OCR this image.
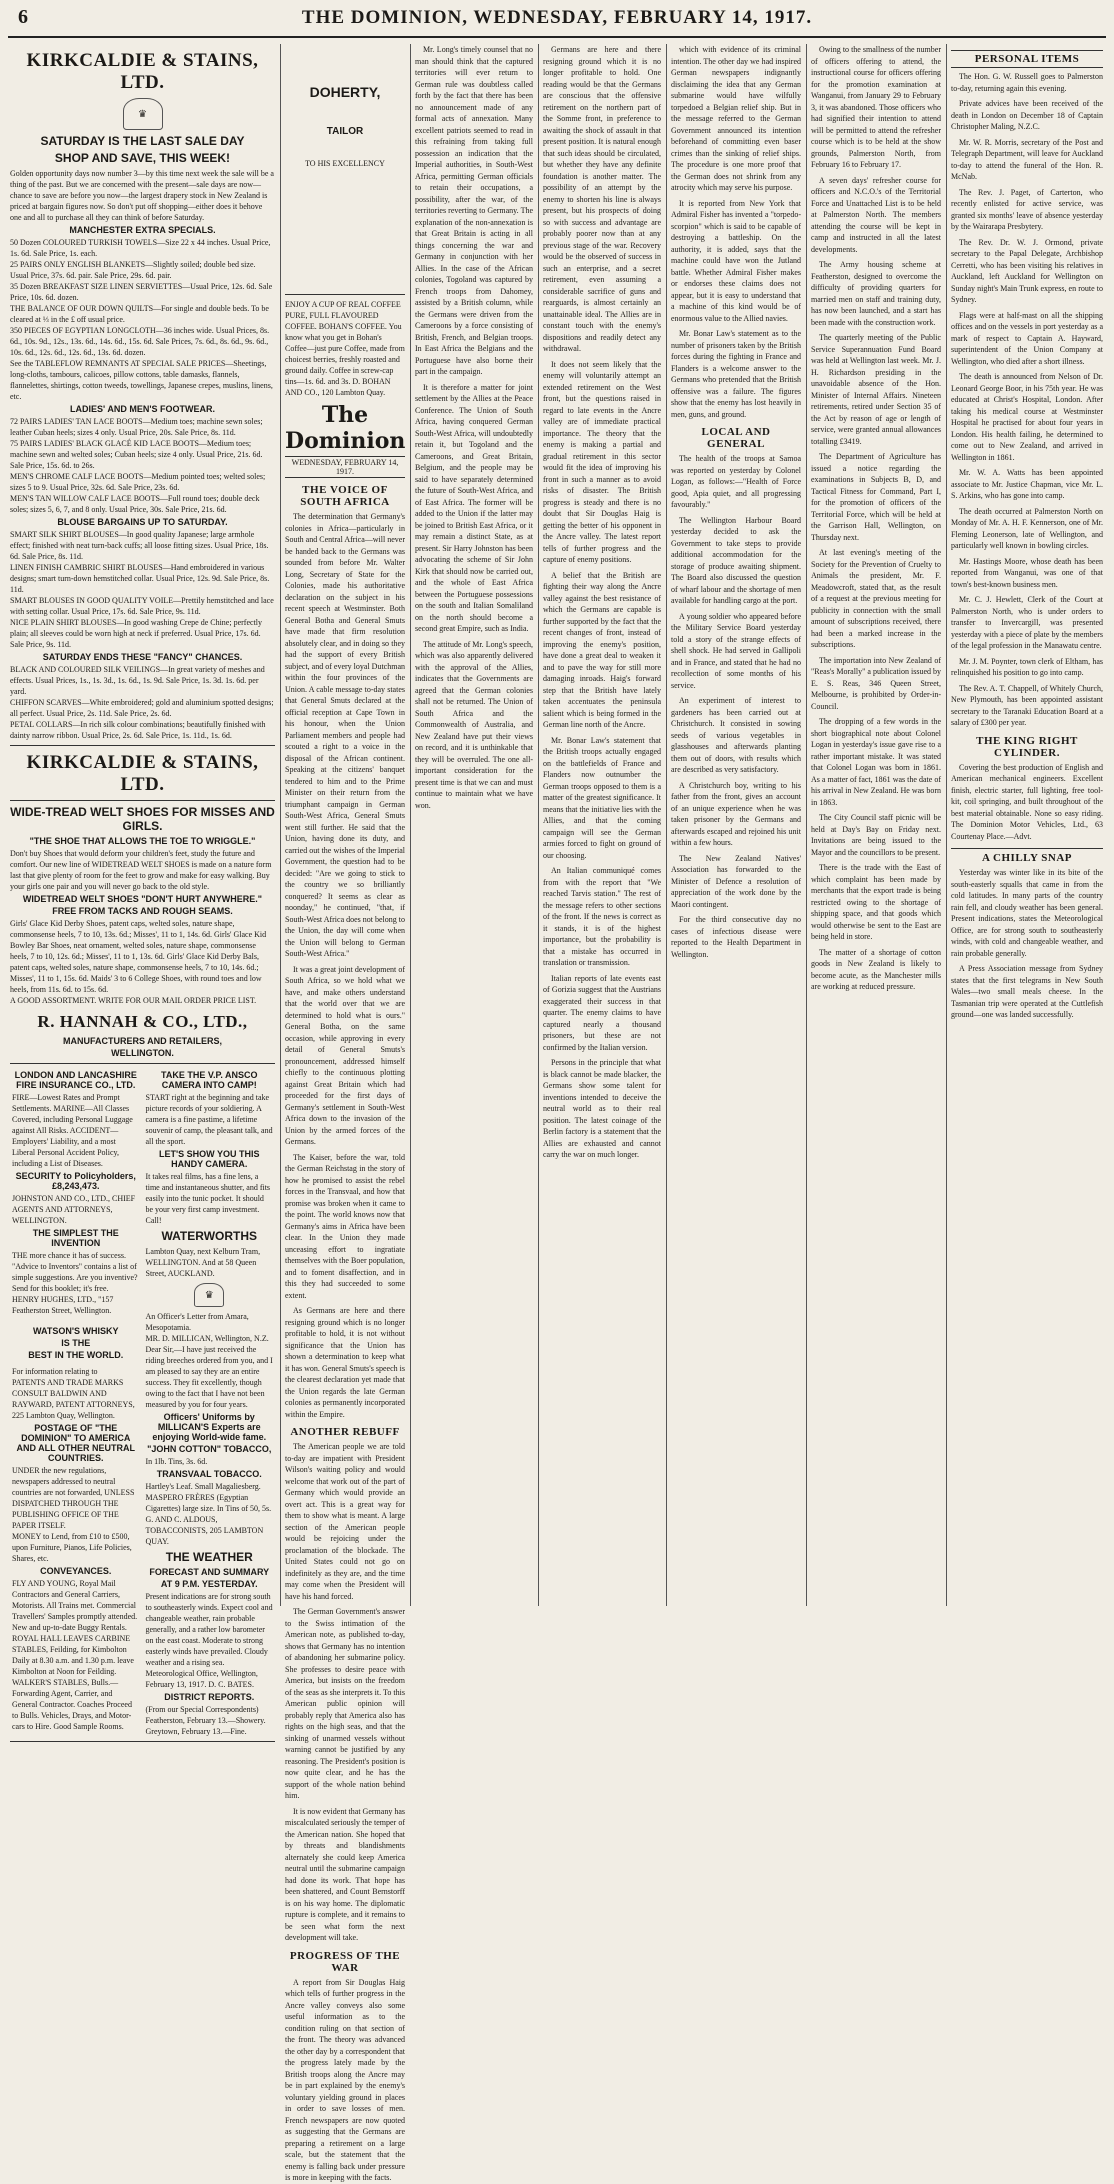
6	THE DOMINION, WEDNESDAY, FEBRUARY 14, 1917.
KIRKCALDIE & STAINS, LTD.
♛
SATURDAY IS THE LAST SALE DAY
SHOP AND SAVE, THIS WEEK!

Golden opportunity days now number 3—by this time next week the sale will be a thing of the past. But we are concerned with the present—sale days are now—chance to save are before you now—the largest drapery stock in New Zealand is priced at bargain figures now. So don't put off shopping—either does it behove one and all to purchase all they can think of before Saturday.

MANCHESTER EXTRA SPECIALS.

50 Dozen COLOURED TURKISH TOWELS—Size 22 x 44 inches. Usual Price, 1s. 6d. Sale Price, 1s. each.

25 PAIRS ONLY ENGLISH BLANKETS—Slightly soiled; double bed size. Usual Price, 37s. 6d. pair. Sale Price, 29s. 6d. pair.

35 Dozen BREAKFAST SIZE LINEN SERVIETTES—Usual Price, 12s. 6d. Sale Price, 10s. 6d. dozen.

THE BALANCE OF OUR DOWN QUILTS—For single and double beds. To be cleared at ⅓ in the £ off usual price.

350 PIECES OF EGYPTIAN LONGCLOTH—36 inches wide. Usual Prices, 8s. 6d., 10s. 9d., 12s., 13s. 6d., 14s. 6d., 15s. 6d. Sale Prices, 7s. 6d., 8s. 6d., 9s. 6d., 10s. 6d., 12s. 6d., 12s. 6d., 13s. 6d. dozen.

See the TABLEFLOW REMNANTS AT SPECIAL SALE PRICES—Sheetings, long-cloths, tambours, calicoes, pillow cottons, table damasks, flannels, flannelettes, shirtings, cotton tweeds, towellings, Japanese crepes, muslins, linens, etc.

LADIES' AND MEN'S FOOTWEAR.

72 PAIRS LADIES' TAN LACE BOOTS—Medium toes; machine sewn soles; leather Cuban heels; sizes 4 only. Usual Price, 20s. Sale Price, 8s. 11d.

75 PAIRS LADIES' BLACK GLACÉ KID LACE BOOTS—Medium toes; machine sewn and welted soles; Cuban heels; size 4 only. Usual Price, 21s. 6d. Sale Price, 15s. 6d. to 26s.

MEN'S CHROME CALF LACE BOOTS—Medium pointed toes; welted soles; sizes 5 to 9. Usual Price, 32s. 6d. Sale Price, 23s. 6d.

MEN'S TAN WILLOW CALF LACE BOOTS—Full round toes; double deck soles; sizes 5, 6, 7, and 8 only. Usual Price, 30s. Sale Price, 21s. 6d.

BLOUSE BARGAINS UP TO SATURDAY.

SMART SILK SHIRT BLOUSES—In good quality Japanese; large armhole effect; finished with neat turn-back cuffs; all loose fitting sizes. Usual Price, 18s. 6d. Sale Price, 8s. 11d.

LINEN FINISH CAMBRIC SHIRT BLOUSES—Hand embroidered in various designs; smart turn-down hemstitched collar. Usual Price, 12s. 9d. Sale Price, 8s. 11d.

SMART BLOUSES IN GOOD QUALITY VOILE—Prettily hemstitched and lace with setting collar. Usual Price, 17s. 6d. Sale Price, 9s. 11d.

NICE PLAIN SHIRT BLOUSES—In good washing Crepe de Chine; perfectly plain; all sleeves could be worn high at neck if preferred. Usual Price, 17s. 6d. Sale Price, 9s. 11d.

SATURDAY ENDS THESE "FANCY" CHANCES.

BLACK AND COLOURED SILK VEILINGS—In great variety of meshes and effects. Usual Prices, 1s., 1s. 3d., 1s. 6d., 1s. 9d. Sale Price, 1s. 3d. 1s. 6d. per yard.

CHIFFON SCARVES—White embroidered; gold and aluminium spotted designs; all perfect. Usual Price, 2s. 11d. Sale Price, 2s. 6d.

PETAL COLLARS—In rich silk colour combinations; beautifully finished with dainty narrow ribbon. Usual Price, 2s. 6d. Sale Price, 1s. 11d., 1s. 6d.

KIRKCALDIE & STAINS, LTD.
WIDE-TREAD WELT SHOES FOR MISSES AND GIRLS.
"THE SHOE THAT ALLOWS THE TOE TO WRIGGLE."

Don't buy Shoes that would deform your children's feet, study the future and comfort. Our new line of WIDETREAD WELT SHOES is made on a nature form last that give plenty of room for the feet to grow and make for easy walking. Buy your girls one pair and you will never go back to the old style.

WIDETREAD WELT SHOES "DON'T HURT ANYWHERE."
FREE FROM TACKS AND ROUGH SEAMS.

Girls' Glace Kid Derby Shoes, patent caps, welted soles, nature shape, commonsense heels, 7 to 10, 13s. 6d.; Misses', 11 to 1, 14s. 6d. Girls' Glace Kid Bowley Bar Shoes, neat ornament, welted soles, nature shape, commonsense heels, 7 to 10, 12s. 6d.; Misses', 11 to 1, 13s. 6d. Girls' Glace Kid Derby Bals, patent caps, welted soles, nature shape, commonsense heels, 7 to 10, 14s. 6d.; Misses', 11 to 1, 15s. 6d. Maids' 3 to 6 College Shoes, with round toes and low heels, from 11s. 6d. to 15s. 6d.

A GOOD ASSORTMENT. WRITE FOR OUR MAIL ORDER PRICE LIST.

R. HANNAH & CO., LTD.,
MANUFACTURERS AND RETAILERS,
WELLINGTON.
LONDON AND LANCASHIRE FIRE INSURANCE CO., LTD.

FIRE—Lowest Rates and Prompt Settlements. MARINE—All Classes Covered, including Personal Luggage against All Risks. ACCIDENT—Employers' Liability, and a most Liberal Personal Accident Policy, including a List of Diseases.

SECURITY to Policyholders, £8,243,473.

JOHNSTON AND CO., LTD., CHIEF AGENTS AND ATTORNEYS, WELLINGTON.

THE SIMPLEST THE INVENTION

THE more chance it has of success. "Advice to Inventors" contains a list of simple suggestions. Are you inventive? Send for this booklet; it's free.

HENRY HUGHES, LTD., "157 Featherston Street, Wellington.

WATSON'S WHISKY
IS THE
BEST IN THE WORLD.

For information relating to

PATENTS AND TRADE MARKS CONSULT BALDWIN AND RAYWARD, PATENT ATTORNEYS, 225 Lambton Quay, Wellington.

POSTAGE OF "THE DOMINION" TO AMERICA AND ALL OTHER NEUTRAL COUNTRIES.

UNDER the new regulations, newspapers addressed to neutral countries are not forwarded, UNLESS DISPATCHED THROUGH THE PUBLISHING OFFICE OF THE PAPER ITSELF.

MONEY to Lend, from £10 to £500, upon Furniture, Pianos, Life Policies, Shares, etc.

CONVEYANCES.

FLY AND YOUNG, Royal Mail Contractors and General Carriers, Motorists. All Trains met. Commercial Travellers' Samples promptly attended. New and up-to-date Buggy Rentals.

ROYAL HALL LEAVES CARBINE STABLES, Feilding, for Kimbolton Daily at 8.30 a.m. and 1.30 p.m. leave Kimbolton at Noon for Feilding.

WALKER'S STABLES, Bulls.—Forwarding Agent, Carrier, and General Contractor. Coaches Proceed to Bulls. Vehicles, Drays, and Motor-cars to Hire. Good Sample Rooms.

TAKE THE V.P. ANSCO CAMERA INTO CAMP!

START right at the beginning and take picture records of your soldiering. A camera is a fine pastime, a lifetime souvenir of camp, the pleasant talk, and all the sport.

LET'S SHOW YOU THIS HANDY CAMERA.

It takes real films, has a fine lens, a time and instantaneous shutter, and fits easily into the tunic pocket. It should be your very first camp investment. Call!

WATERWORTHS

Lambton Quay, next Kelburn Tram, WELLINGTON. And at 58 Queen Street, AUCKLAND.

♛

An Officer's Letter from Amara, Mesopotamia.

MR. D. MILLICAN, Wellington, N.Z.

Dear Sir,—I have just received the riding breeches ordered from you, and I am pleased to say they are an entire success. They fit excellently, though owing to the fact that I have not been measured by you for four years.

Officers' Uniforms by MILLICAN'S Experts are enjoying World-wide fame.
"JOHN COTTON" TOBACCO,

In 1lb. Tins, 3s. 6d.

TRANSVAAL TOBACCO.

Hartley's Leaf. Small Magaliesberg.

MASPERO FRÈRES (Egyptian Cigarettes) large size. In Tins of 50, 5s.

G. AND C. ALDOUS, TOBACCONISTS, 205 LAMBTON QUAY.

THE WEATHER
FORECAST AND SUMMARY
AT 9 P.M. YESTERDAY.

Present indications are for strong south to southeasterly winds. Expect cool and changeable weather, rain probable generally, and a rather low barometer on the east coast. Moderate to strong easterly winds have prevailed. Cloudy weather and a rising sea.

Meteorological Office, Wellington, February 13, 1917. D. C. BATES.

DISTRICT REPORTS.

(From our Special Correspondents) Featherston, February 13.—Showery. Greytown, February 13.—Fine.

DOHERTY,
TAILOR
TO HIS EXCELLENCY

ENJOY A CUP OF REAL COFFEE PURE, FULL FLAVOURED COFFEE. BOHAN'S COFFEE. You know what you get in Bohan's Coffee—just pure Coffee, made from choicest berries, freshly roasted and ground daily. Coffee in screw-cap tins—1s. 6d. and 3s. D. BOHAN AND CO., 120 Lambton Quay.

The Dominion
WEDNESDAY, FEBRUARY 14, 1917.
THE VOICE OF SOUTH AFRICA

The determination that Germany's colonies in Africa—particularly in South and Central Africa—will never be handed back to the Germans was sounded from before Mr. Walter Long, Secretary of State for the Colonies, made his authoritative declaration on the subject in his recent speech at Westminster. Both General Botha and General Smuts have made that firm resolution absolutely clear, and in doing so they had the support of every British subject, and of every loyal Dutchman within the four provinces of the Union. A cable message to-day states that General Smuts declared at the official reception at Cape Town in his honour, when the Union Parliament members and people had scouted a right to a voice in the disposal of the African continent. Speaking at the citizens' banquet tendered to him and to the Prime Minister on their return from the triumphant campaign in German South-West Africa, General Smuts went still further. He said that the Union, having done its duty, and carried out the wishes of the Imperial Government, the question had to be decided: "Are we going to stick to the country we so brilliantly conquered? It seems as clear as noonday," he continued, "that, if South-West Africa does not belong to the Union, the day will come when the Union will belong to German South-West Africa."

It was a great joint development of South Africa, so we hold what we have, and make others understand that the world over that we are determined to hold what is ours." General Botha, on the same occasion, while approving in every detail of General Smuts's pronouncement, addressed himself chiefly to the continuous plotting against Great Britain which had proceeded for the first days of Germany's settlement in South-West Africa down to the invasion of the Union by the armed forces of the Germans.

The Kaiser, before the war, told the German Reichstag in the story of how he promised to assist the rebel forces in the Transvaal, and how that promise was broken when it came to the point. The world knows now that Germany's aims in Africa have been clear. In the Union they made unceasing effort to ingratiate themselves with the Boer population, and to foment disaffection, and in this they had succeeded to some extent.

As Germans are here and there resigning ground which is no longer profitable to hold, it is not without significance that the Union has shown a determination to keep what it has won. General Smuts's speech is the clearest declaration yet made that the Union regards the late German colonies as permanently incorporated within the Empire.

ANOTHER REBUFF

The American people we are told to-day are impatient with President Wilson's waiting policy and would welcome that work out of the part of Germany which would provide an overt act. This is a great way for them to show what is meant. A large section of the American people would be rejoicing under the proclamation of the blockade. The United States could not go on indefinitely as they are, and the time may come when the President will have his hand forced.

The German Government's answer to the Swiss intimation of the American note, as published to-day, shows that Germany has no intention of abandoning her submarine policy. She professes to desire peace with America, but insists on the freedom of the seas as she interprets it. To this American public opinion will probably reply that America also has rights on the high seas, and that the sinking of unarmed vessels without warning cannot be justified by any reasoning. The President's position is now quite clear, and he has the support of the whole nation behind him.

It is now evident that Germany has miscalculated seriously the temper of the American nation. She hoped that by threats and blandishments alternately she could keep America neutral until the submarine campaign had done its work. That hope has been shattered, and Count Bernstorff is on his way home. The diplomatic rupture is complete, and it remains to be seen what form the next development will take.

PROGRESS OF THE WAR

A report from Sir Douglas Haig which tells of further progress in the Ancre valley conveys also some useful information as to the condition ruling on that section of the front. The theory was advanced the other day by a correspondent that the progress lately made by the British troops along the Ancre may be in part explained by the enemy's voluntary yielding ground in places in order to save losses of men. French newspapers are now quoted as suggesting that the Germans are preparing a retirement on a large scale, but the statement that the enemy is falling back under pressure is more in keeping with the facts.

Mr. Long's timely counsel that no man should think that the captured territories will ever return to German rule was doubtless called forth by the fact that there has been no announcement made of any formal acts of annexation. Many excellent patriots seemed to read in this refraining from taking full possession an indication that the Imperial authorities, in South-West Africa, permitting German officials to retain their occupations, a possibility, after the war, of the territories reverting to Germany. The explanation of the non-annexation is that Great Britain is acting in all things concerning the war and Germany in conjunction with her Allies. In the case of the African colonies, Togoland was captured by French troops from Dahomey, assisted by a British column, while the Germans were driven from the Cameroons by a force consisting of British, French, and Belgian troops. In East Africa the Belgians and the Portuguese have also borne their part in the campaign.

It is therefore a matter for joint settlement by the Allies at the Peace Conference. The Union of South Africa, having conquered German South-West Africa, will undoubtedly retain it, but Togoland and the Cameroons, and Great Britain, Belgium, and the people may be said to have separately determined the future of South-West Africa, and of East Africa. The former will be added to the Union if the latter may be joined to British East Africa, or it may remain a distinct State, as at present. Sir Harry Johnston has been advocating the scheme of Sir John Kirk that should now be carried out, and the whole of East Africa between the Portuguese possessions on the south and Italian Somaliland on the north should become a second great Empire, such as India.

The attitude of Mr. Long's speech, which was also apparently delivered with the approval of the Allies, indicates that the Governments are agreed that the German colonies shall not be returned. The Union of South Africa and the Commonwealth of Australia, and New Zealand have put their views on record, and it is unthinkable that they will be overruled. The one all-important consideration for the present time is that we can and must continue to maintain what we have won.

Germans are here and there resigning ground which it is no longer profitable to hold. One reading would be that the Germans are conscious that the offensive retirement on the northern part of the Somme front, in preference to awaiting the shock of assault in that present position. It is natural enough that such ideas should be circulated, but whether they have any definite foundation is another matter. The possibility of an attempt by the enemy to shorten his line is always present, but his prospects of doing so with success and advantage are probably poorer now than at any previous stage of the war. Recovery would be the observed of success in such an enterprise, and a secret retirement, even assuming a considerable sacrifice of guns and rearguards, is almost certainly an unattainable ideal. The Allies are in constant touch with the enemy's dispositions and readily detect any withdrawal.

It does not seem likely that the enemy will voluntarily attempt an extended retirement on the West front, but the questions raised in regard to late events in the Ancre valley are of immediate practical importance. The theory that the enemy is making a partial and gradual retirement in this sector would fit the idea of improving his front in such a manner as to avoid risks of disaster. The British progress is steady and there is no doubt that Sir Douglas Haig is getting the better of his opponent in the Ancre valley. The latest report tells of further progress and the capture of enemy positions.

A belief that the British are fighting their way along the Ancre valley against the best resistance of which the Germans are capable is further supported by the fact that the recent changes of front, instead of improving the enemy's position, have done a great deal to weaken it and to pave the way for still more damaging inroads. Haig's forward step that the British have lately taken accentuates the peninsula salient which is being formed in the German line north of the Ancre.

Mr. Bonar Law's statement that the British troops actually engaged on the battlefields of France and Flanders now outnumber the German troops opposed to them is a matter of the greatest significance. It means that the initiative lies with the Allies, and that the coming campaign will see the German armies forced to fight on ground of our choosing.

An Italian communiqué comes from with the report that "We reached Tarvis station." The rest of the message refers to other sections of the front. If the news is correct as it stands, it is of the highest importance, but the probability is that a mistake has occurred in translation or transmission.

Italian reports of late events east of Gorizia suggest that the Austrians exaggerated their success in that quarter. The enemy claims to have captured nearly a thousand prisoners, but these are not confirmed by the Italian version.

Persons in the principle that what is black cannot be made blacker, the Germans show some talent for inventions intended to deceive the neutral world as to their real position. The latest coinage of the Berlin factory is a statement that the Allies are exhausted and cannot carry the war on much longer.

which with evidence of its criminal intention. The other day we had inspired German newspapers indignantly disclaiming the idea that any German submarine would have wilfully torpedoed a Belgian relief ship. But in the message referred to the German Government announced its intention beforehand of committing even baser crimes than the sinking of relief ships. The procedure is one more proof that the German does not shrink from any atrocity which may serve his purpose.

It is reported from New York that Admiral Fisher has invented a "torpedo-scorpion" which is said to be capable of destroying a battleship. On the authority, it is added, says that the machine could have won the Jutland battle. Whether Admiral Fisher makes or endorses these claims does not appear, but it is easy to understand that a machine of this kind would be of enormous value to the Allied navies.

Mr. Bonar Law's statement as to the number of prisoners taken by the British forces during the fighting in France and Flanders is a welcome answer to the Germans who pretended that the British offensive was a failure. The figures show that the enemy has lost heavily in men, guns, and ground.

LOCAL AND GENERAL

The health of the troops at Samoa was reported on yesterday by Colonel Logan, as follows:—"Health of Force good, Apia quiet, and all progressing favourably."

The Wellington Harbour Board yesterday decided to ask the Government to take steps to provide additional accommodation for the storage of produce awaiting shipment. The Board also discussed the question of wharf labour and the shortage of men available for handling cargo at the port.

A young soldier who appeared before the Military Service Board yesterday told a story of the strange effects of shell shock. He had served in Gallipoli and in France, and stated that he had no recollection of some months of his service.

An experiment of interest to gardeners has been carried out at Christchurch. It consisted in sowing seeds of various vegetables in glasshouses and afterwards planting them out of doors, with results which are described as very satisfactory.

A Christchurch boy, writing to his father from the front, gives an account of an unique experience when he was taken prisoner by the Germans and afterwards escaped and rejoined his unit within a few hours.

The New Zealand Natives' Association has forwarded to the Minister of Defence a resolution of appreciation of the work done by the Maori contingent.

For the third consecutive day no cases of infectious disease were reported to the Health Department in Wellington.

Owing to the smallness of the number of officers offering to attend, the instructional course for officers offering for the promotion examination at Wanganui, from January 29 to February 3, it was abandoned. Those officers who had signified their intention to attend will be permitted to attend the refresher course which is to be held at the show grounds, Palmerston North, from February 16 to February 17.

A seven days' refresher course for officers and N.C.O.'s of the Territorial Force and Unattached List is to be held at Palmerston North. The members attending the course will be kept in camp and instructed in all the latest developments.

The Army housing scheme at Featherston, designed to overcome the difficulty of providing quarters for married men on staff and training duty, has now been launched, and a start has been made with the construction work.

The quarterly meeting of the Public Service Superannuation Fund Board was held at Wellington last week. Mr. J. H. Richardson presiding in the unavoidable absence of the Hon. Minister of Internal Affairs. Nineteen retirements, retired under Section 35 of the Act by reason of age or length of service, were granted annual allowances totalling £3419.

The Department of Agriculture has issued a notice regarding the examinations in Subjects B, D, and Tactical Fitness for Command, Part I, for the promotion of officers of the Territorial Force, which will be held at the Garrison Hall, Wellington, on Thursday next.

At last evening's meeting of the Society for the Prevention of Cruelty to Animals the president, Mr. F. Meadowcroft, stated that, as the result of a request at the previous meeting for publicity in connection with the small amount of subscriptions received, there had been a marked increase in the subscriptions.

The importation into New Zealand of "Reas's Morally" a publication issued by E. S. Reas, 346 Queen Street, Melbourne, is prohibited by Order-in-Council.

The dropping of a few words in the short biographical note about Colonel Logan in yesterday's issue gave rise to a rather important mistake. It was stated that Colonel Logan was born in 1861. As a matter of fact, 1861 was the date of his arrival in New Zealand. He was born in 1863.

The City Council staff picnic will be held at Day's Bay on Friday next. Invitations are being issued to the Mayor and the councillors to be present.

There is the trade with the East of which complaint has been made by merchants that the export trade is being restricted owing to the shortage of shipping space, and that goods which would otherwise be sent to the East are being held in store.

The matter of a shortage of cotton goods in New Zealand is likely to become acute, as the Manchester mills are working at reduced pressure.

PERSONAL ITEMS

The Hon. G. W. Russell goes to Palmerston to-day, returning again this evening.

Private advices have been received of the death in London on December 18 of Captain Christopher Maling, N.Z.C.

Mr. W. R. Morris, secretary of the Post and Telegraph Department, will leave for Auckland to-day to attend the funeral of the Hon. R. McNab.

The Rev. J. Paget, of Carterton, who recently enlisted for active service, was granted six months' leave of absence yesterday by the Wairarapa Presbytery.

The Rev. Dr. W. J. Ormond, private secretary to the Papal Delegate, Archbishop Cerretti, who has been visiting his relatives in Auckland, left Auckland for Wellington on Sunday night's Main Trunk express, en route to Sydney.

Flags were at half-mast on all the shipping offices and on the vessels in port yesterday as a mark of respect to Captain A. Hayward, superintendent of the Union Company at Wellington, who died after a short illness.

The death is announced from Nelson of Dr. Leonard George Boor, in his 75th year. He was educated at Christ's Hospital, London. After taking his medical course at Westminster Hospital he practised for about four years in London. His health failing, he determined to come out to New Zealand, and arrived in Wellington in 1861.

Mr. W. A. Watts has been appointed associate to Mr. Justice Chapman, vice Mr. L. S. Arkins, who has gone into camp.

The death occurred at Palmerston North on Monday of Mr. A. H. F. Kennerson, one of Mr. Fleming Leonerson, late of Wellington, and particularly well known in bowling circles.

Mr. Hastings Moore, whose death has been reported from Wanganui, was one of that town's best-known business men.

Mr. C. J. Hewlett, Clerk of the Court at Palmerston North, who is under orders to transfer to Invercargill, was presented yesterday with a piece of plate by the members of the legal profession in the Manawatu centre.

Mr. J. M. Poynter, town clerk of Eltham, has relinquished his position to go into camp.

The Rev. A. T. Chappell, of Whitely Church, New Plymouth, has been appointed assistant secretary to the Taranaki Education Board at a salary of £300 per year.

THE KING RIGHT CYLINDER.

Covering the best production of English and American mechanical engineers. Excellent finish, electric starter, full lighting, free tool-kit, coil springing, and built throughout of the best material obtainable. None so easy riding. The Dominion Motor Vehicles, Ltd., 63 Courtenay Place.—Advt.

A CHILLY SNAP

Yesterday was winter like in its bite of the south-easterly squalls that came in from the cold latitudes. In many parts of the country rain fell, and cloudy weather has been general. Present indications, states the Meteorological Office, are for strong south to southeasterly winds, with cold and changeable weather, and rain probable generally.

A Press Association message from Sydney states that the first telegrams in New South Wales—two small meals cheese. In the Tasmanian trip were operated at the Cuttlefish ground—one was landed successfully.
